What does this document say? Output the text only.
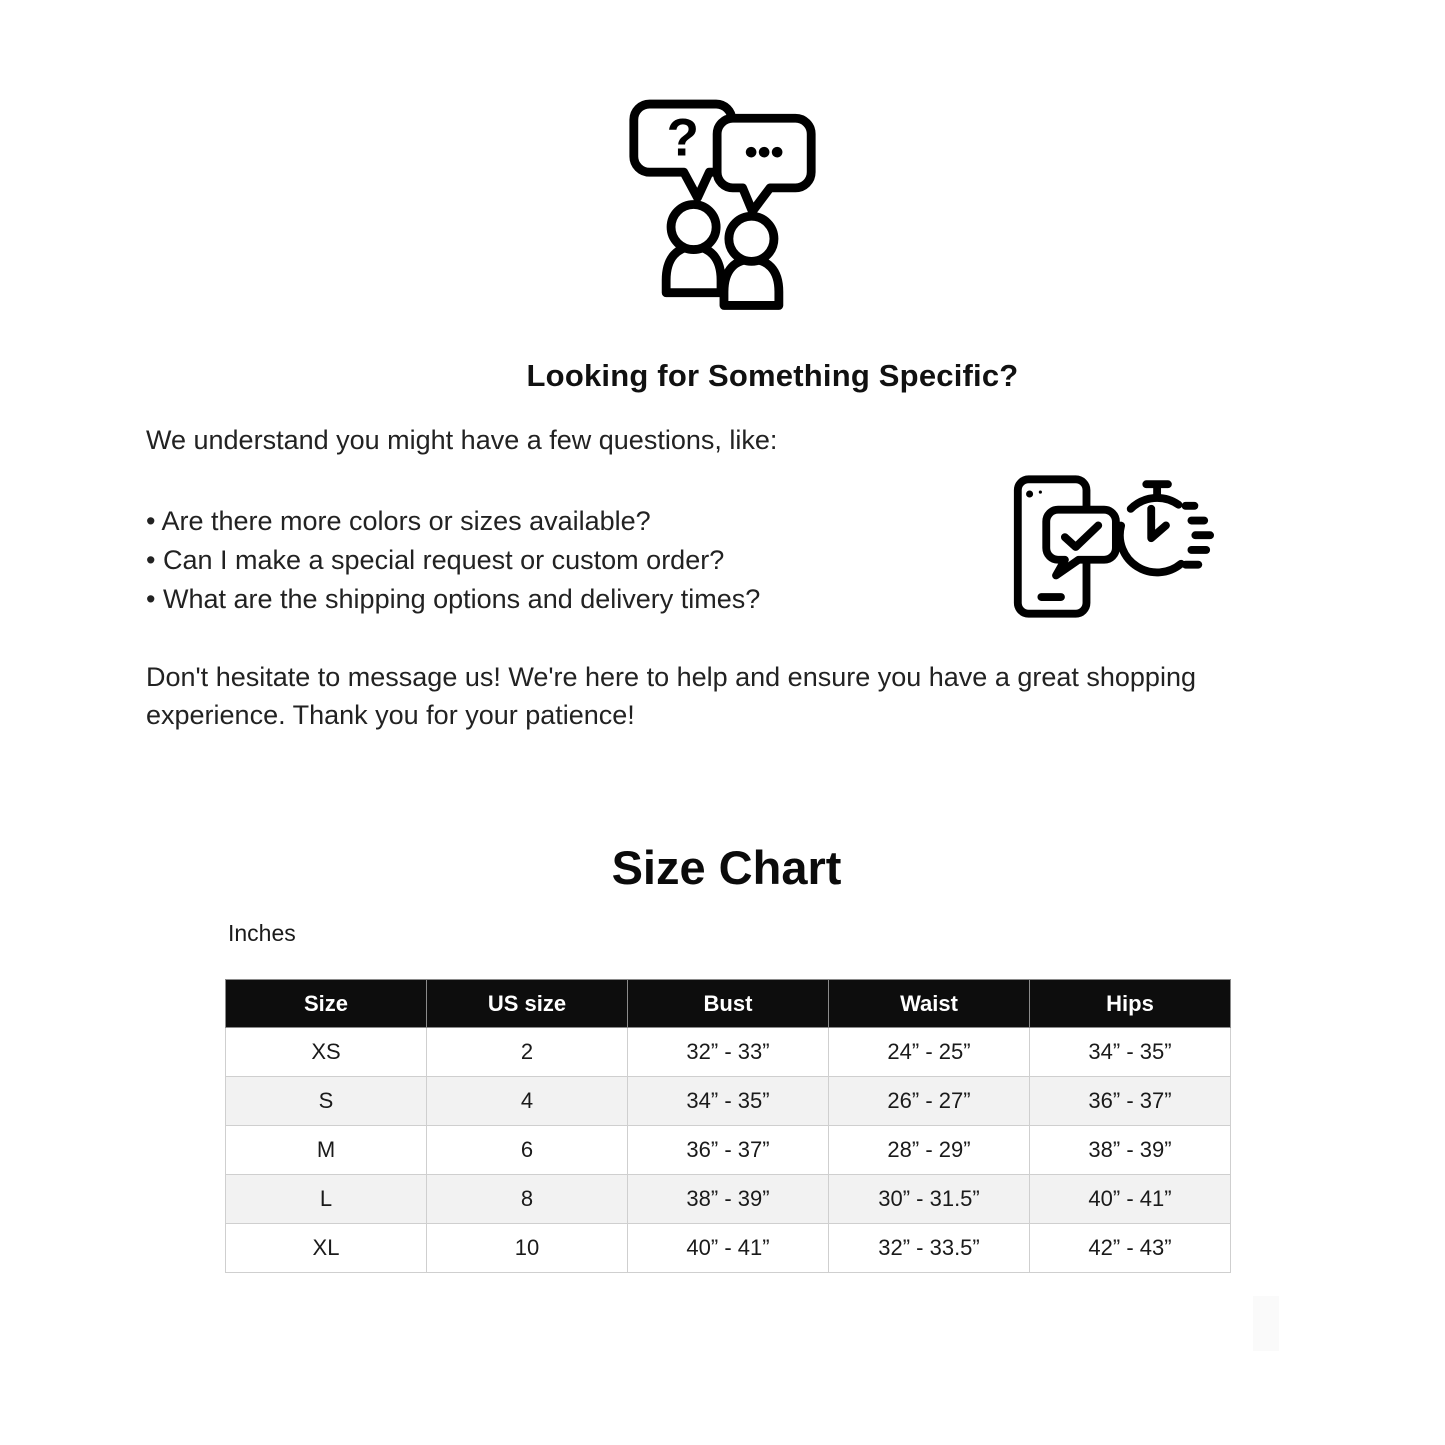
? •••
Looking for Something Specific?

We understand you might have a few questions, like:

• Are there more colors or sizes available?
• Can I make a special request or custom order?
• What are the shipping options and delivery times?
Don't hesitate to message us! We're here to help and ensure you have a great shopping
experience. Thank you for your patience!
Size Chart
Inches
Size	US size	Bust	Waist	Hips
XS	2	32” - 33”	24” - 25”	34” - 35”
S	4	34” - 35”	26” - 27”	36” - 37”
M	6	36” - 37”	28” - 29”	38” - 39”
L	8	38” - 39”	30” - 31.5”	40” - 41”
XL	10	40” - 41”	32” - 33.5”	42” - 43”
